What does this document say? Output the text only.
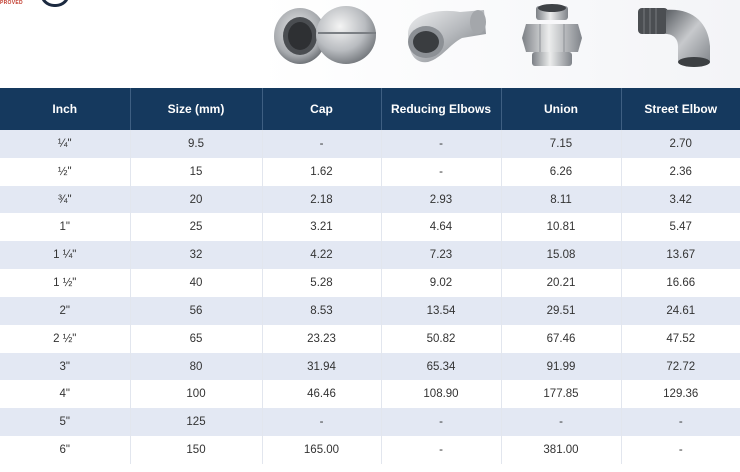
PROVED
Inch	Size (mm)	Cap	Reducing Elbows	Union	Street Elbow
¼"	9.5	-	-	7.15	2.70
½"	15	1.62	-	6.26	2.36
¾"	20	2.18	2.93	8.11	3.42
1"	25	3.21	4.64	10.81	5.47
1 ¼"	32	4.22	7.23	15.08	13.67
1 ½"	40	5.28	9.02	20.21	16.66
2"	56	8.53	13.54	29.51	24.61
2 ½"	65	23.23	50.82	67.46	47.52
3"	80	31.94	65.34	91.99	72.72
4"	100	46.46	108.90	177.85	129.36
5"	125	-	-	-	-
6"	150	165.00	-	381.00	-
